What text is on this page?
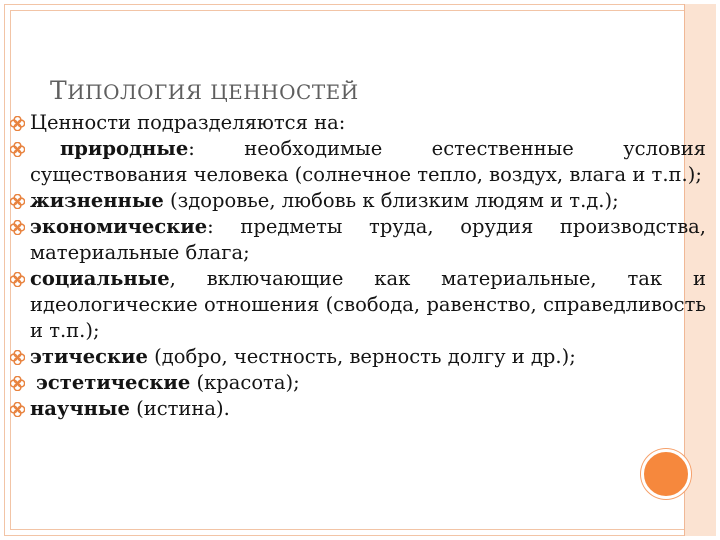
ТИПОЛОГИЯ ЦЕННОСТЕЙ
Ценности подразделяются на:
природные: необходимые естественные условия существования человека (солнечное тепло, воздух, влага и т.п.);
жизненные (здоровье, любовь к близким людям и т.д.);
экономические: предметы труда, орудия производства, материальные блага;
социальные, включающие как материальные, так и идеологические отношения (свобода, равенство, справедливость и т.п.);
этические (добро, честность, верность долгу и др.);
эстетические (красота);
научные (истина).
